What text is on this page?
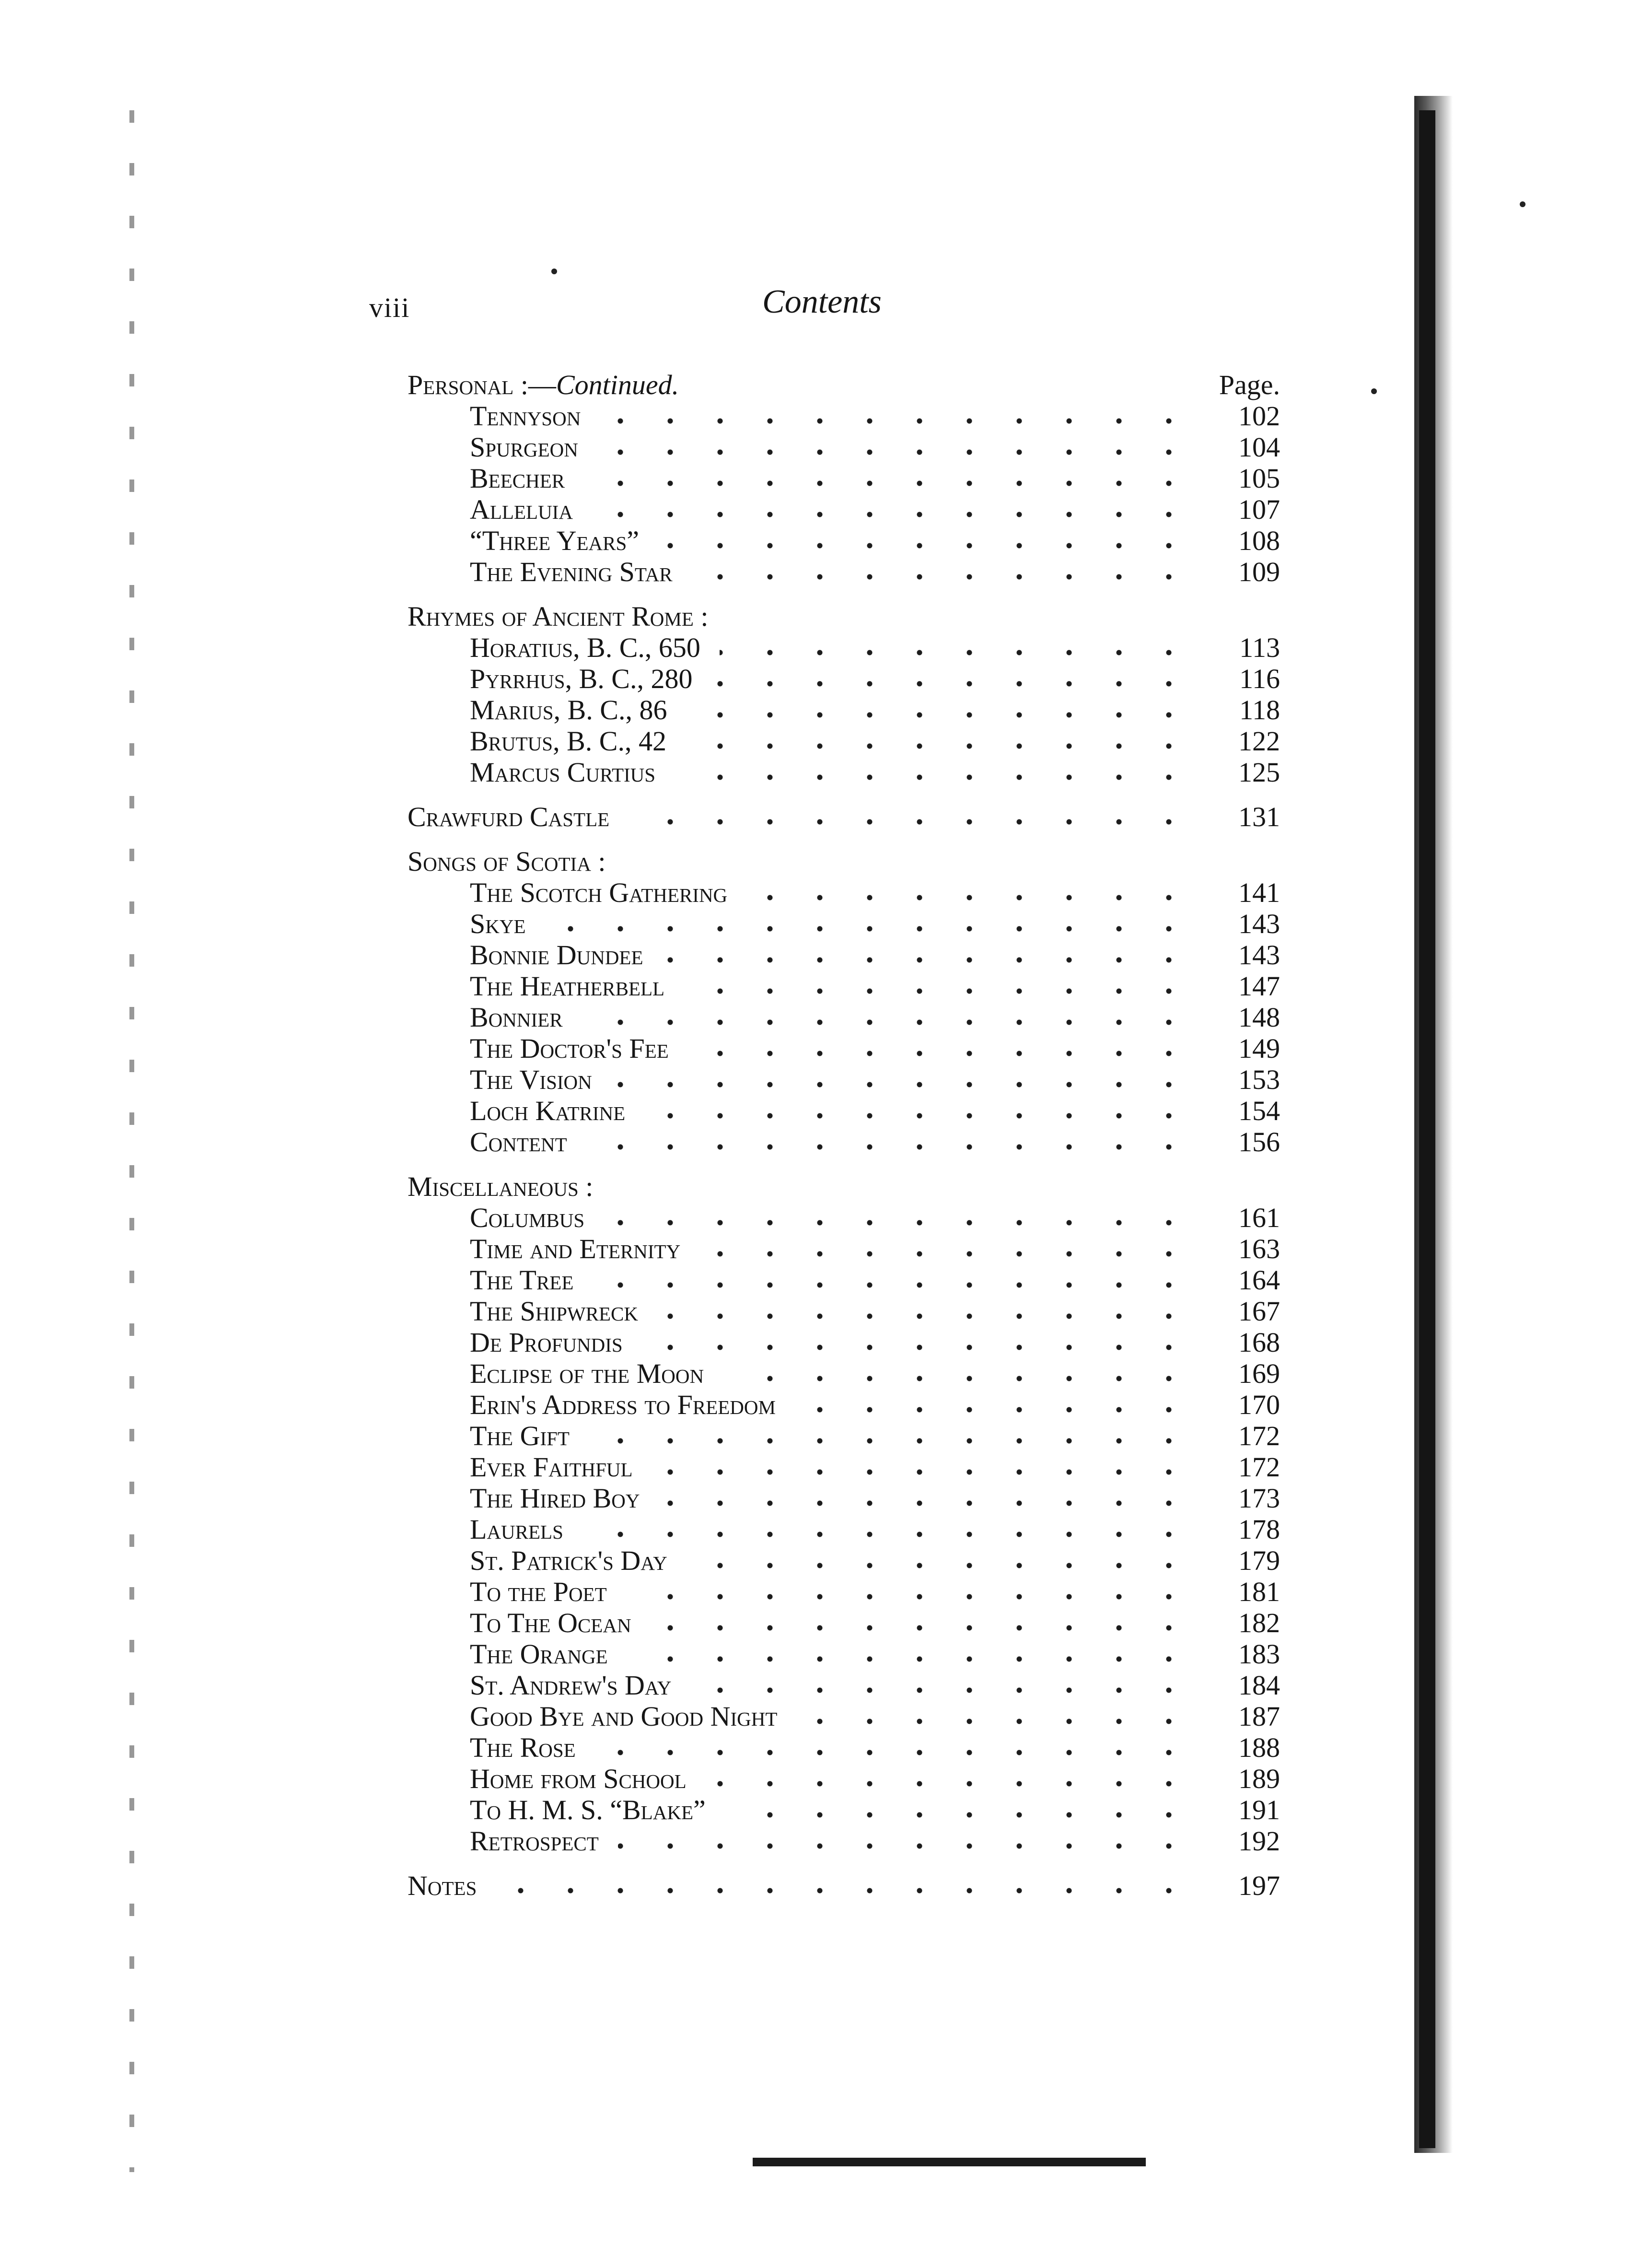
viii	Contents
Personal :—Continued.	Page.
Tennyson	102
Spurgeon	104
Beecher	105
Alleluia	107
“Three Years”	108
The Evening Star	109
Rhymes of Ancient Rome :
Horatius, B. C., 650	113
Pyrrhus, B. C., 280	116
Marius, B. C., 86	118
Brutus, B. C., 42	122
Marcus Curtius	125
Crawfurd Castle	131
Songs of Scotia :
The Scotch Gathering	141
Skye	143
Bonnie Dundee	143
The Heatherbell	147
Bonnier	148
The Doctor's Fee	149
The Vision	153
Loch Katrine	154
Content	156
Miscellaneous :
Columbus	161
Time and Eternity	163
The Tree	164
The Shipwreck	167
De Profundis	168
Eclipse of the Moon	169
Erin's Address to Freedom	170
The Gift	172
Ever Faithful	172
The Hired Boy	173
Laurels	178
St. Patrick's Day	179
To the Poet	181
To The Ocean	182
The Orange	183
St. Andrew's Day	184
Good Bye and Good Night	187
The Rose	188
Home from School	189
To H. M. S. “Blake”	191
Retrospect	192
Notes	197
